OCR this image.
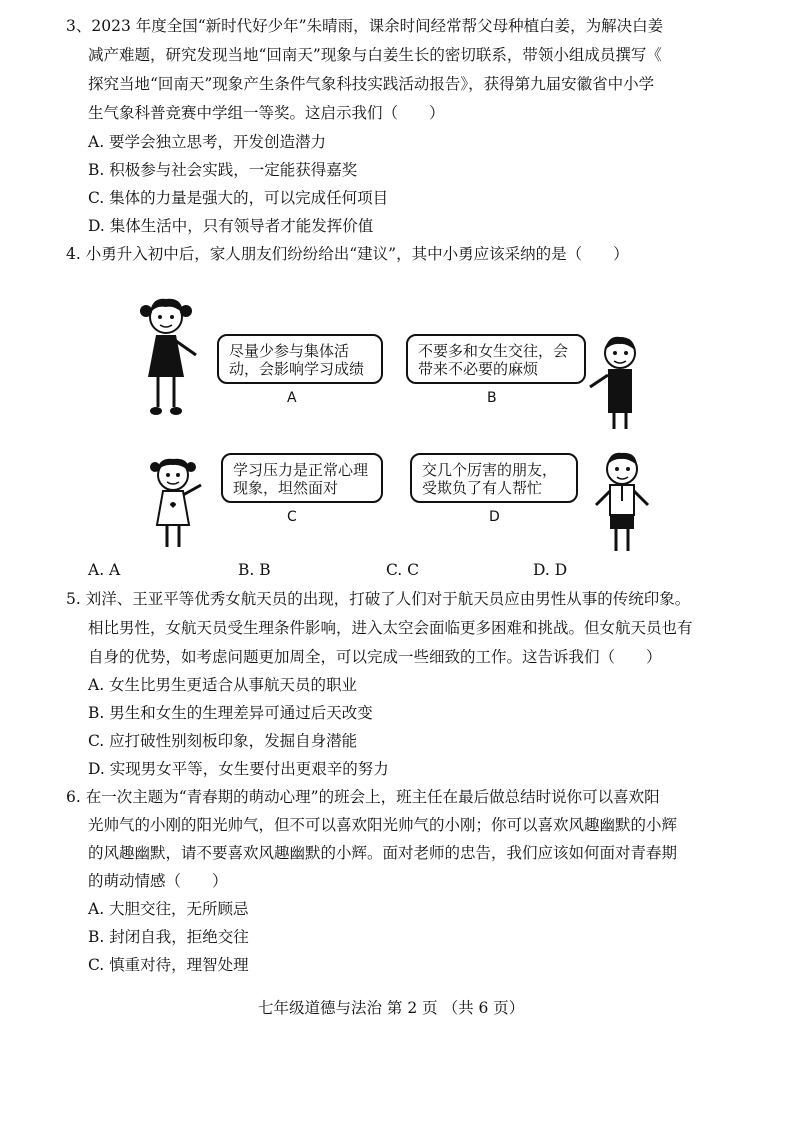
3、2023 年度全国“新时代好少年”朱晴雨，课余时间经常帮父母种植白姜，为解决白姜
减产难题，研究发现当地“回南天”现象与白姜生长的密切联系，带领小组成员撰写《
探究当地“回南天”现象产生条件气象科技实践活动报告》，获得第九届安徽省中小学
生气象科普竞赛中学组一等奖。这启示我们（　　）
A. 要学会独立思考，开发创造潜力
B. 积极参与社会实践，一定能获得嘉奖
C. 集体的力量是强大的，可以完成任何项目
D. 集体生活中，只有领导者才能发挥价值
4. 小勇升入初中后，家人朋友们纷纷给出“建议”，其中小勇应该采纳的是（　　）
尽量少参与集体活动，会影响学习成绩
A
不要多和女生交往，会带来不必要的麻烦
B
学习压力是正常心理现象，坦然面对
C
交几个厉害的朋友，受欺负了有人帮忙
D
A. A	B. B	C. C	D. D
5. 刘洋、王亚平等优秀女航天员的出现，打破了人们对于航天员应由男性从事的传统印象。
相比男性，女航天员受生理条件影响，进入太空会面临更多困难和挑战。但女航天员也有
自身的优势，如考虑问题更加周全，可以完成一些细致的工作。这告诉我们（　　）
A. 女生比男生更适合从事航天员的职业
B. 男生和女生的生理差异可通过后天改变
C. 应打破性别刻板印象，发掘自身潜能
D. 实现男女平等，女生要付出更艰辛的努力
6. 在一次主题为“青春期的萌动心理”的班会上，班主任在最后做总结时说你可以喜欢阳
光帅气的小刚的阳光帅气，但不可以喜欢阳光帅气的小刚；你可以喜欢风趣幽默的小辉
的风趣幽默，请不要喜欢风趣幽默的小辉。面对老师的忠告，我们应该如何面对青春期
的萌动情感（　　）
A. 大胆交往，无所顾忌
B. 封闭自我，拒绝交往
C. 慎重对待，理智处理
七年级道德与法治 第 2 页 （共 6 页）
